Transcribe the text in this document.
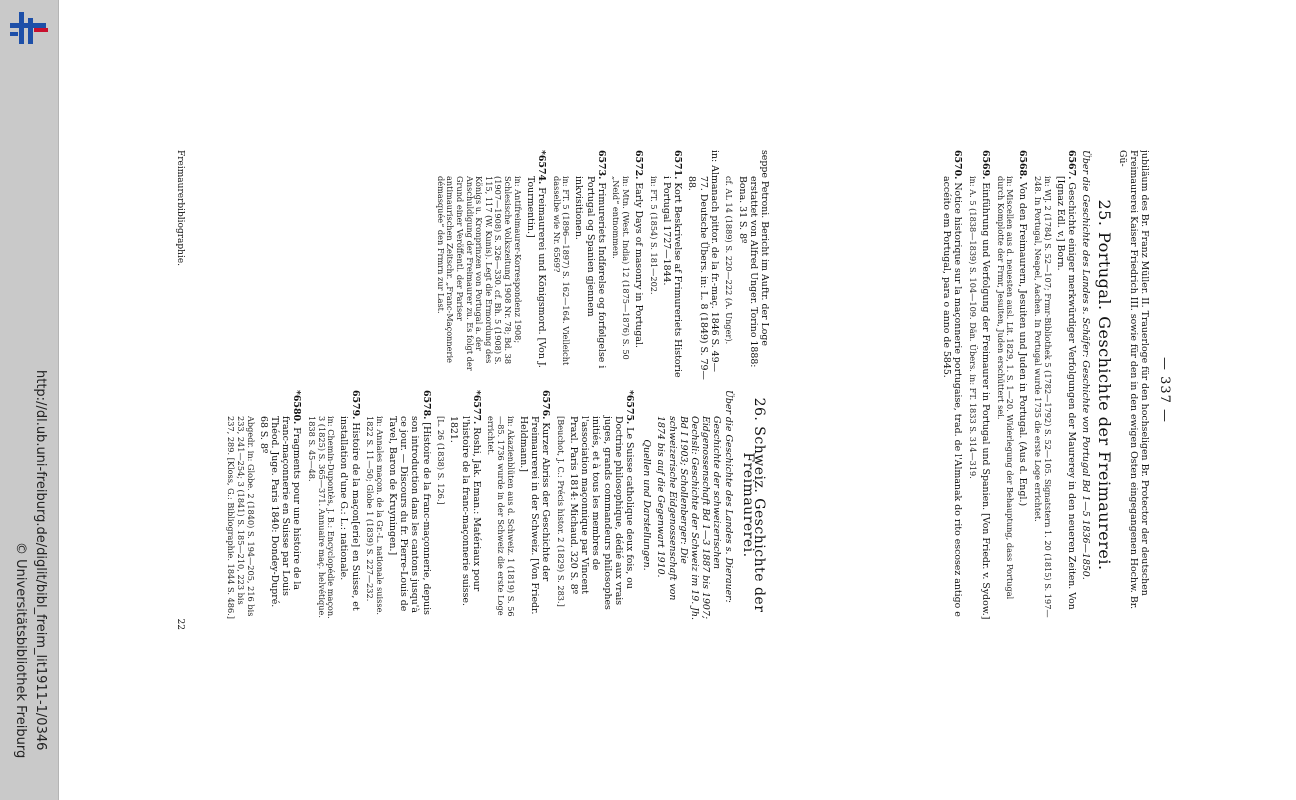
http://dl.ub.uni-freiburg.de/diglit/bibl_freim_lit1911-1/0346
© Universitätsbibliothek Freiburg
— 337 —

jubiläum des Br. Franz Müller. II. Trauerloge für den hochseligen Br. Protector der deutschen Freimaurerei Kaiser Friedrich III. sowie für den in den ewigen Osten eingegangenen Hochw. Br. Gü-

25. Portugal. Geschichte der Freimaurerei.

Über die Geschichte des Landes s. Schäfer: Geschichte von Portugal Bd 1—5 1836—1850.

6567. Geschichte einiger merkwürdiger Verfolgungen der Maurerey in den neueren Zeiten. Von [Ignaz Edl. v.] Born.

in: WJ. 2 (1784) S. 52—107; Frmr-Bibliothek 5 (1782—1792) S. 52—105. Signatstern 1. 20 (1815) S. 197—248. In Portugal, Neapel, Aachen. In Portugal wurde 1735 die erste Loge errichtet.

6568. Von den Freimaurern, Jesuiten und Juden in Portugal. (Aus d. Engl.)

in: Miscellen aus d. neuesten ausl. Lit. 1829, 1. S. 1—20. Widerlegung der Behauptung, dass Portugal durch Komplotte der Frmr, Jesuiten, Juden erschüttert sei.

6569. Einführung und Verfolgung der Freimaurer in Portugal und Spanien. [Von Friedr. v. Sydow.]

in: A. 5 (1838—1839) S. 104—109. Dän. Übers. in: FT. 1833 S. 314—319.

6570. Notice historique sur la maçonnerie portugaise, trad. de l'Almanak do rito escosez antigo e accéito em Portugal, para o anno de 5845.

seppe Petroni. Bericht im Auftr. der Loge erstattet von Alfred Unger. Torino 1888: Bona. 31 S. 8º

cf. AL 14 (1889) S. 220—222 (A. Unger).

in: Almanach pittor. de la fr.-maç. 1846 S. 49—77. Deutsche Übers. in: L. 8 (1849) S. 79—88.

6571. Kort Beskrivelse af Frimureriets Historie i Portugal 1727—1844.

in: FT. 5 (1854) S. 181—202.

6572. Early Days of masonry in Portugal.

in: Mtn. (West. India) 12 (1875—1876) S. 50 „Neid“ entnommen.

6573. Frimureriets Indførelse og forfølgelse i Portugal og Spanien gjennem inkvisitionen.

in: FT. 5 (1896—1897) S. 162—164. Vielleicht dasselbe wie Nr. 6569?

*6574. Freimaurerei und Königsmord. [Von J. Tourmentin.]

in: Antifreimaurer-Korrespondenz 1908; Schlesische Volkszeitung 1908 Nr. 78; Bd. 38 (1907—1908) S. 326—330. cf. Bh. 5 (1908) S. 115, 117 (W. Kunis). Legt die Ermordung des Königs u. Kronprinzen von Portugal a. der Anschuldigung der Freimaurer zu. Es folgt der Grund einer Veröffentl. der Pariser antimaurischen Zeitschr. „Franc-Maçonnerie démasquée“ den Frmrn zur Last.

26. Schweiz. Geschichte der Freimaurerei.

Über die Geschichte des Landes s. Dierauer: Geschichte der schweizerischen Eidgenossenschaft Bd 1—3 1887 bis 1907; Oechsli: Geschichte der Schweiz im 19. Jh. Bd I 1903; Schollenberger: Die schweizerische Eidgenossenschaft von 1874 bis auf die Gegenwart 1910.

Quellen und Darstellungen.

*6575. Le Suisse catholique deux fois, ou Doctrine philosophique, dédié aux vrais juges, grands commandeurs philosophes initiés, et à tous les membres de l'association maçonnique par Vincent Praxl. Paris 1814: Michaud. 320 S. 8º

[Beuchot, J. C.: Précis histor. 2 (1829) S. 283.]

6576. Kurzer Abriss der Geschichte der Freimaurerei in der Schweiz. [Von Friedr. Heldmann.]

in: Akazienblüten aus d. Schweiz. 1 (1819) S. 56—85. 1736 wurde in der Schweiz die erste Loge errichtet.

*6577. Roshi, Jak. Eman.: Matériaux pour l'histoire de la franc-maçonnerie suisse. 1821.

[L. 26 (1838) S. 126.]

6578. [Histoire de la franc-maçonnerie, depuis son introduction dans les cantons jusqu'à ce jour. — Discours du fr. Pierre-Louis de Tavel, Baron de Kruyningen.]

in: Annales maçon. de la Gr.-L. nationale suisse. 1822 S. 11—50; Globe 1 (1839) S. 227—232.

6579. Histoire de la maçon[erie] en Suisse, et installation d'une G.: L.: nationale.

in: Chemin-Dupontès, J. B.: Encyclopédie maçon. 3 (1825) S. 365—371. Annuaire maç. helvétique. 1838 S. 45—48.

*6580. Fragments pour une histoire de la franc-maçonnerie en Suisse par Louis Théod. Juge. Paris 1840: Dondey-Dupré. 68 S. 8º

Abgedr. in: Globe. 2 (1840) S. 194—205, 216 bis 233, 241—254; 3 (1841) S. 185—210, 223 bis 237, 289. [Kloss, G.: Bibliographie. 1844 S. 486.]

Freimaurerbibliographie.
22
